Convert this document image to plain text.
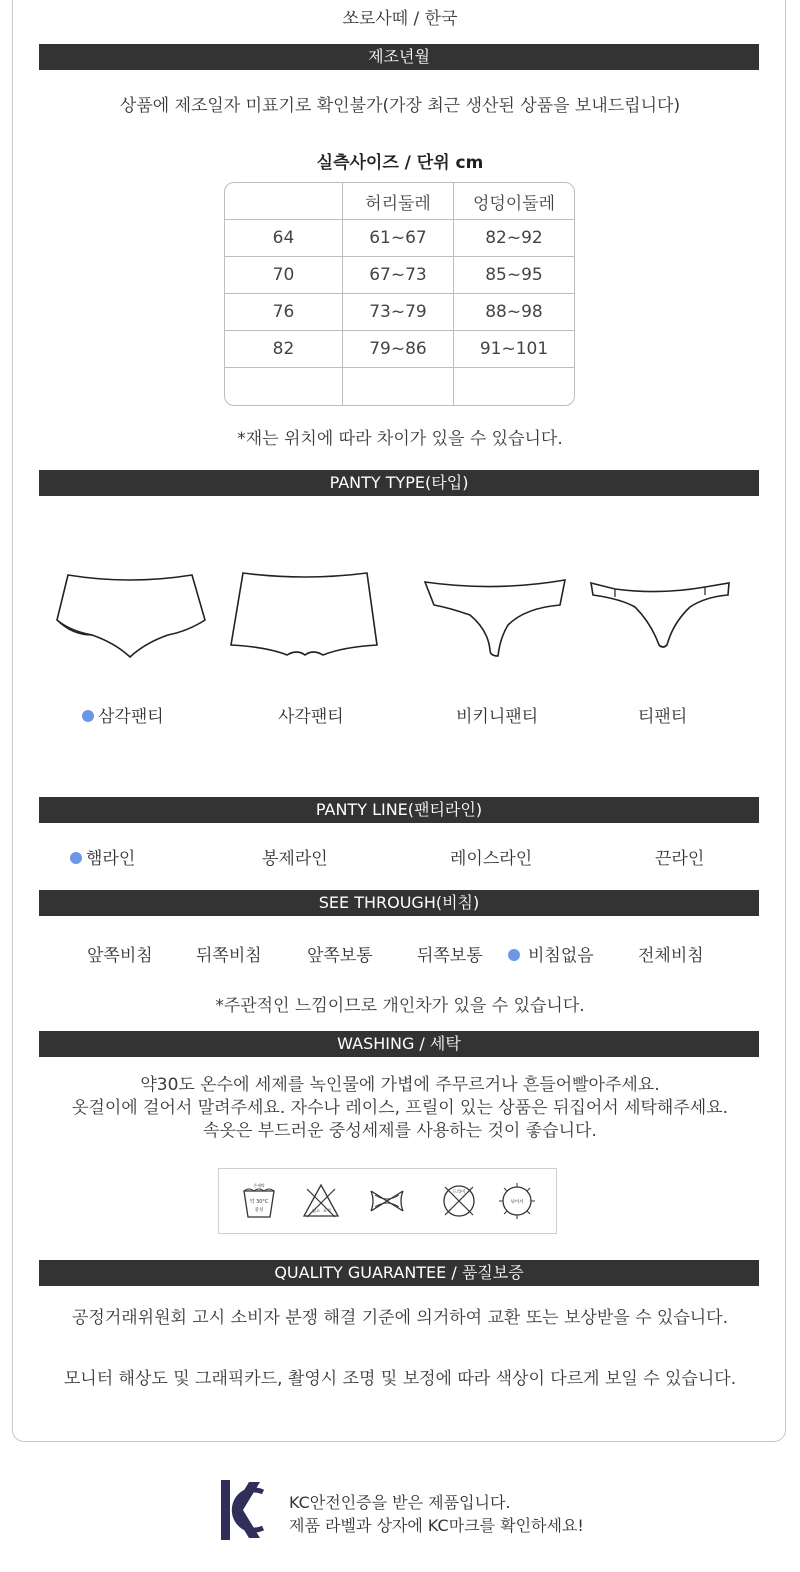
쏘로사떼 / 한국
제조년월
상품에 제조일자 미표기로 확인불가(가장 최근 생산된 상품을 보내드립니다)
실측사이즈 / 단위 cm
	허리둘레	엉덩이둘레
64	61~67	82~92
70	67~73	85~95
76	73~79	88~98
82	79~86	91~101

*재는 위치에 따라 차이가 있을 수 있습니다.
PANTY TYPE(타입)
삼각팬티	사각팬티	비키니팬티	티팬티
PANTY LINE(팬티라인)
햄라인	봉제라인	레이스라인	끈라인
SEE THROUGH(비침)
앞쪽비침	뒤쪽비침	앞쪽보통	뒤쪽보통	비침없음	전체비침
*주관적인 느낌이므로 개인차가 있을 수 있습니다.
WASHING / 세탁
약30도 온수에 세제를 녹인물에 가볍에 주무르거나 흔들어빨아주세요.
옷걸이에 걸어서 말려주세요. 자수나 레이스, 프릴이 있는 상품은 뒤집어서 세탁해주세요.
속옷은 부드러운 중성세제를 사용하는 것이 좋습니다.
손세탁
약 30°C
중성	염소 표백
드라이
뉘어서
QUALITY GUARANTEE / 품질보증
공정거래위원회 고시 소비자 분쟁 해결 기준에 의거하여 교환 또는 보상받을 수 있습니다.
모니터 해상도 및 그래픽카드, 촬영시 조명 및 보정에 따라 색상이 다르게 보일 수 있습니다.
KC안전인증을 받은 제품입니다.
제품 라벨과 상자에 KC마크를 확인하세요!
